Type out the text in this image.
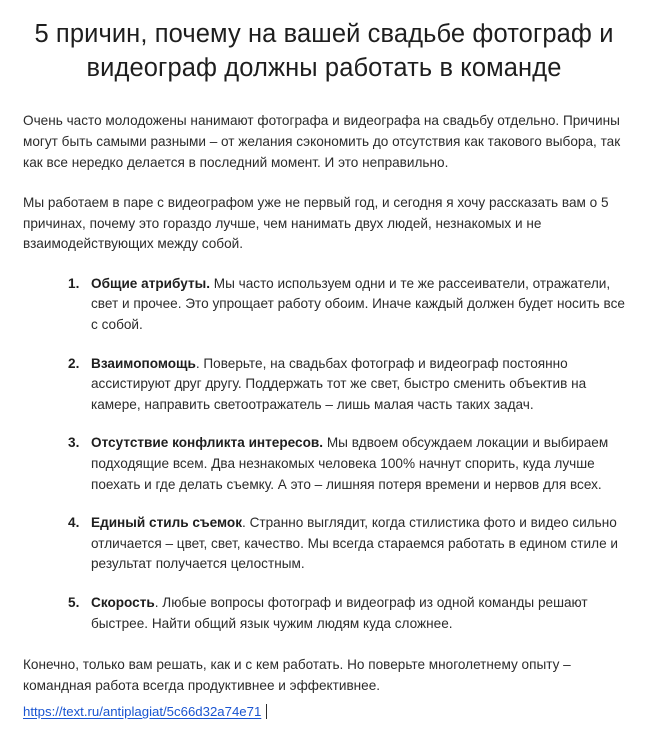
5 причин, почему на вашей свадьбе фотограф и видеограф должны работать в команде

Очень часто молодожены нанимают фотографа и видеографа на свадьбу отдельно. Причины могут быть самыми разными – от желания сэкономить до отсутствия как такового выбора, так как все нередко делается в последний момент. И это неправильно.

Мы работаем в паре с видеографом уже не первый год, и сегодня я хочу рассказать вам о 5 причинах, почему это гораздо лучше, чем нанимать двух людей, незнакомых и не взаимодействующих между собой.

Общие атрибуты. Мы часто используем одни и те же рассеиватели, отражатели, свет и прочее. Это упрощает работу обоим. Иначе каждый должен будет носить все с собой.
Взаимопомощь. Поверьте, на свадьбах фотограф и видеограф постоянно ассистируют друг другу. Поддержать тот же свет, быстро сменить объектив на камере, направить светоотражатель – лишь малая часть таких задач.
Отсутствие конфликта интересов. Мы вдвоем обсуждаем локации и выбираем подходящие всем. Два незнакомых человека 100% начнут спорить, куда лучше поехать и где делать съемку. А это – лишняя потеря времени и нервов для всех.
Единый стиль съемок. Странно выглядит, когда стилистика фото и видео сильно отличается – цвет, свет, качество. Мы всегда стараемся работать в едином стиле и результат получается целостным.
Скорость. Любые вопросы фотограф и видеограф из одной команды решают быстрее. Найти общий язык чужим людям куда сложнее.

Конечно, только вам решать, как и с кем работать. Но поверьте многолетнему опыту – командная работа всегда продуктивнее и эффективнее.

https://text.ru/antiplagiat/5c66d32a74e71
